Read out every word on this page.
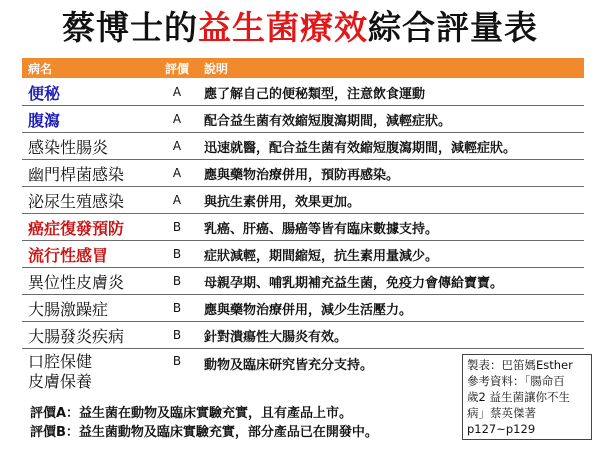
蔡博士的益生菌療效綜合評量表
病名	評價	說明
便秘	A	應了解自己的便秘類型，注意飲食運動
腹瀉	A	配合益生菌有效縮短腹瀉期間，減輕症狀。
感染性腸炎	A	迅速就醫，配合益生菌有效縮短腹瀉期間，減輕症狀。
幽門桿菌感染	A	應與藥物治療併用，預防再感染。
泌尿生殖感染	A	與抗生素併用，效果更加。
癌症復發預防	B	乳癌、肝癌、腸癌等皆有臨床數據支持。
流行性感冒	B	症狀減輕，期間縮短，抗生素用量減少。
異位性皮膚炎	B	母親孕期、哺乳期補充益生菌，免疫力會傳給寶寶。
大腸激躁症	B	應與藥物治療併用，減少生活壓力。
大腸發炎疾病	B	針對潰瘍性大腸炎有效。

口腔保健
皮膚保養	B	動物及臨床研究皆充分支持。	製表：巴笛媽Esther
參考資料：「腸命百
歲2 益生菌讓你不生
病」蔡英傑著
p127~p129
評價A：益生菌在動物及臨床實驗充實，且有產品上市。
評價B：益生菌動物及臨床實驗充實，部分產品已在開發中。
